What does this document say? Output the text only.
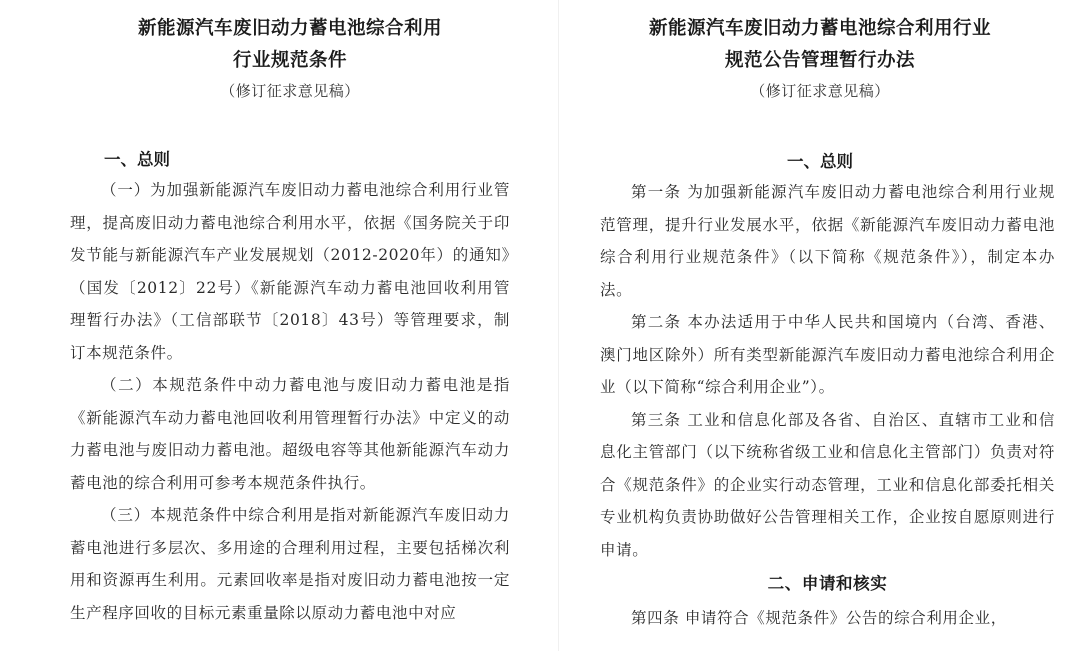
新能源汽车废旧动力蓄电池综合利用
行业规范条件
（修订征求意见稿）
一、总则

（一）为加强新能源汽车废旧动力蓄电池综合利用行业管理，提高废旧动力蓄电池综合利用水平，依据《国务院关于印发节能与新能源汽车产业发展规划（2012-2020年）的通知》（国发〔2012〕22号）《新能源汽车动力蓄电池回收利用管理暂行办法》（工信部联节〔2018〕43号）等管理要求，制订本规范条件。

（二）本规范条件中动力蓄电池与废旧动力蓄电池是指《新能源汽车动力蓄电池回收利用管理暂行办法》中定义的动力蓄电池与废旧动力蓄电池。超级电容等其他新能源汽车动力蓄电池的综合利用可参考本规范条件执行。

（三）本规范条件中综合利用是指对新能源汽车废旧动力蓄电池进行多层次、多用途的合理利用过程，主要包括梯次利用和资源再生利用。元素回收率是指对废旧动力蓄电池按一定生产程序回收的目标元素重量除以原动力蓄电池中对应

新能源汽车废旧动力蓄电池综合利用行业
规范公告管理暂行办法
（修订征求意见稿）
一、总则

第一条 为加强新能源汽车废旧动力蓄电池综合利用行业规范管理，提升行业发展水平，依据《新能源汽车废旧动力蓄电池综合利用行业规范条件》（以下简称《规范条件》），制定本办法。

第二条 本办法适用于中华人民共和国境内（台湾、香港、澳门地区除外）所有类型新能源汽车废旧动力蓄电池综合利用企业（以下简称“综合利用企业”）。

第三条 工业和信息化部及各省、自治区、直辖市工业和信息化主管部门（以下统称省级工业和信息化主管部门）负责对符合《规范条件》的企业实行动态管理，工业和信息化部委托相关专业机构负责协助做好公告管理相关工作，企业按自愿原则进行申请。

二、申请和核实

第四条 申请符合《规范条件》公告的综合利用企业，
